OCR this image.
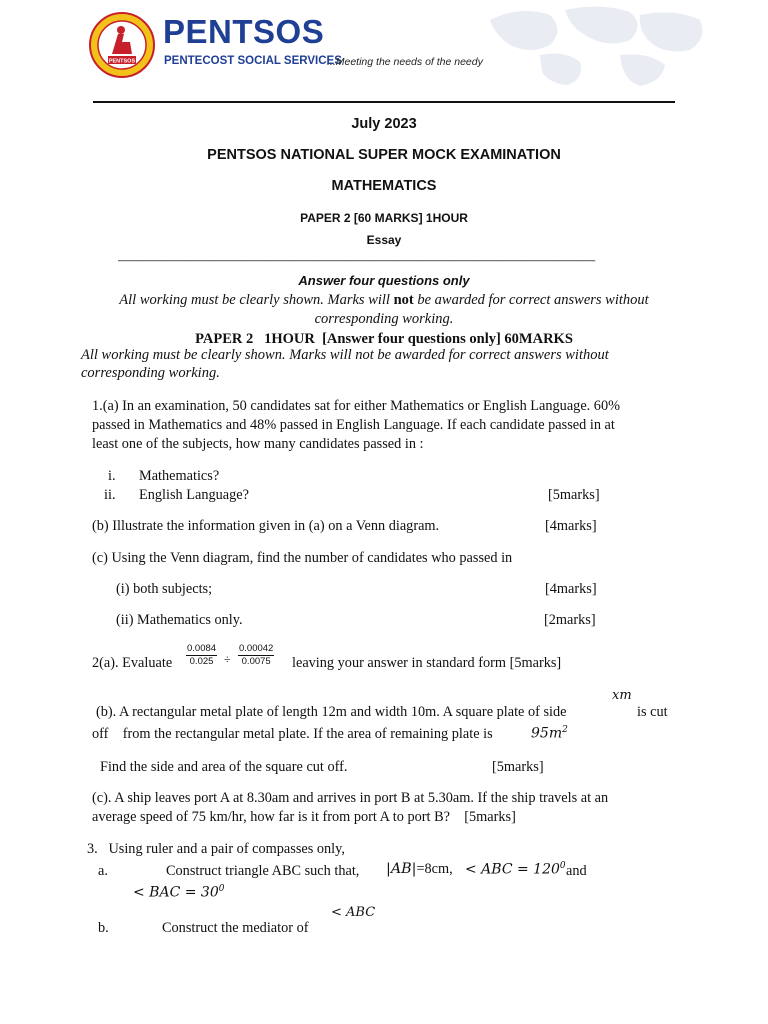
PENTSOS
PENTSOS
PENTECOST SOCIAL SERVICES
...Meeting the needs of the needy
July 2023
PENTSOS NATIONAL SUPER MOCK EXAMINATION
MATHEMATICS
PAPER 2 [60 MARKS] 1HOUR
Essay
______________________________________________________________________________
Answer four questions only
All working must be clearly shown. Marks will not be awarded for correct answers without
corresponding working.
PAPER 2   1HOUR  [Answer four questions only] 60MARKS
All working must be clearly shown. Marks will not be awarded for correct answers without
corresponding working.
1.(a) In an examination, 50 candidates sat for either Mathematics or English Language. 60%
passed in Mathematics and 48% passed in English Language. If each candidate passed in at
least one of the subjects, how many candidates passed in :
i. Mathematics?
ii. English Language?	[5marks]
(b) Illustrate the information given in (a) on a Venn diagram.	[4marks]
(c) Using the Venn diagram, find the number of candidates who passed in
(i) both subjects;	[4marks]
(ii) Mathematics only.	[2marks]
2(a). Evaluate $\frac{0.0084}{0.025} \div \frac{0.00042}{0.0075}$ leaving your answer in standard form [5marks]
xm
(b). A rectangular metal plate of length 12m and width 10m. A square plate of side	is cut
off    from the rectangular metal plate. If the area of remaining plate is	$95m^2$
Find the side and area of the square cut off.	[5marks]
(c). A ship leaves port A at 8.30am and arrives in port B at 5.30am. If the ship travels at an
average speed of 75 km/hr, how far is it from port A to port B?    [5marks]
3.   Using ruler and a pair of compasses only,
a.	Construct triangle ABC such that, |AB|=8cm, < ABC = $120^0$ and
< BAC = $30^0$
b.	Construct the mediator of
< ABC
